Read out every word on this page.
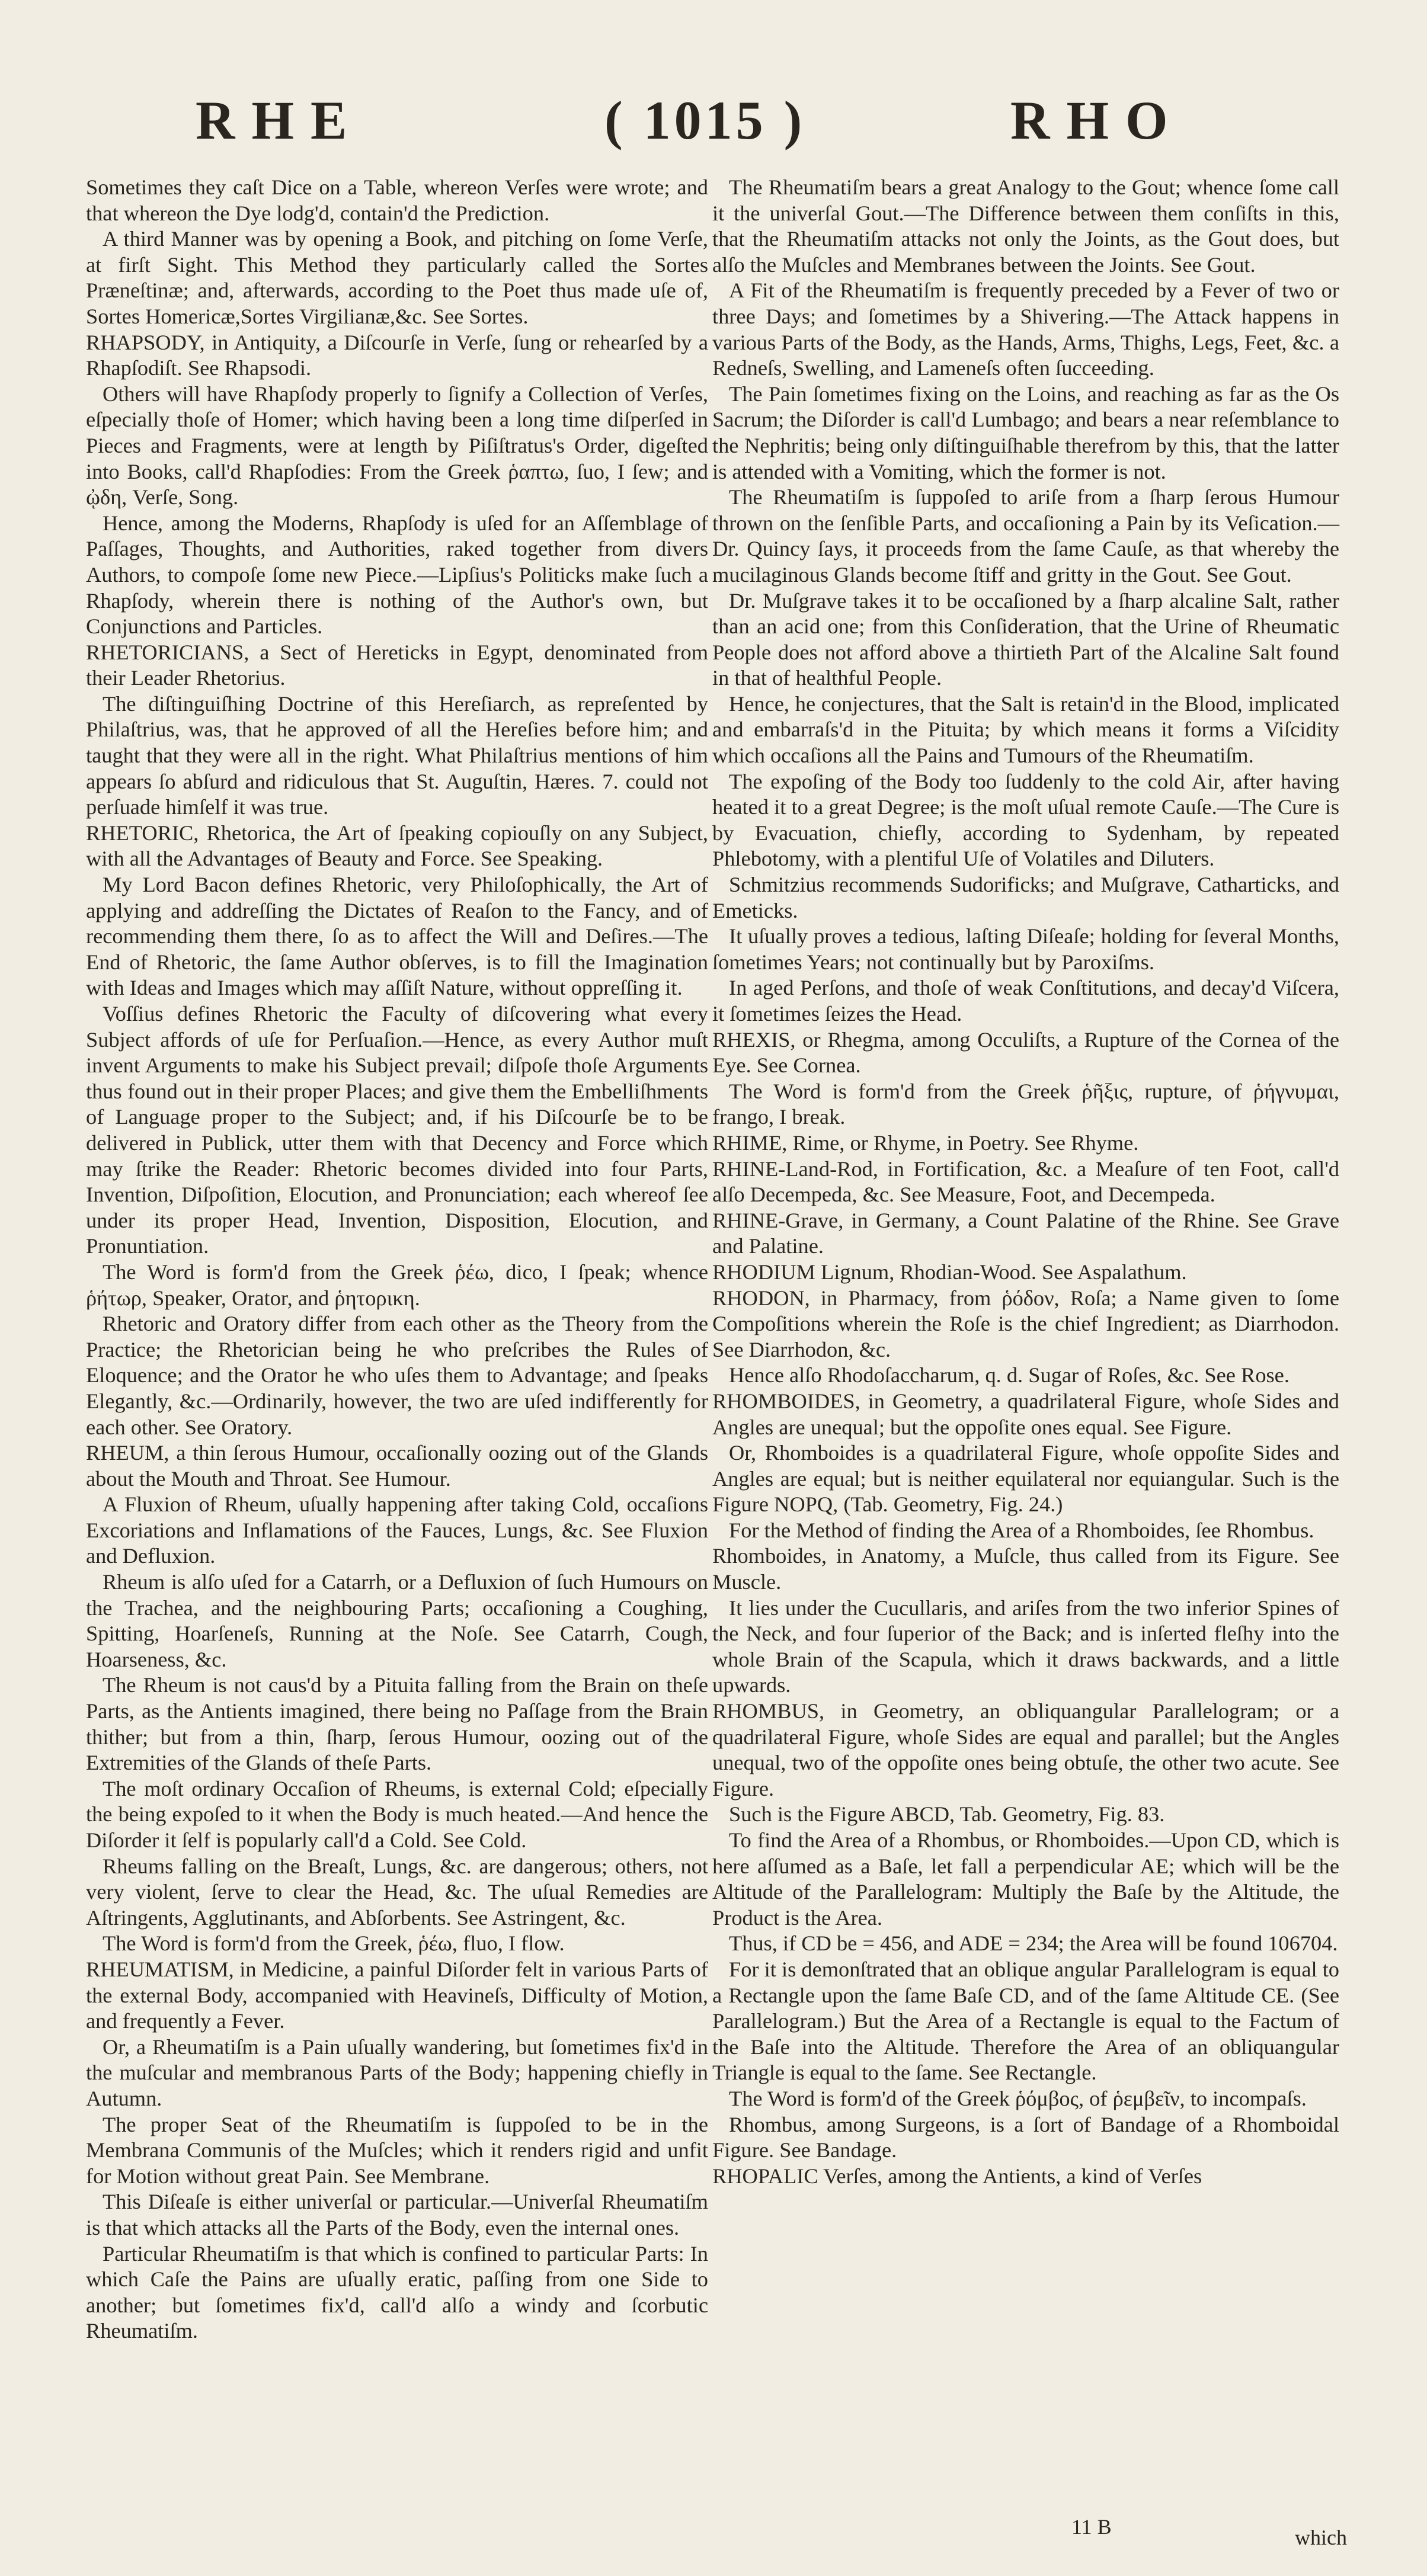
RHE	( 1015 )	RHO

Sometimes they caſt Dice on a Table, whereon Verſes were wrote; and that whereon the Dye lodg'd, contain'd the Prediction.

A third Manner was by opening a Book, and pitching on ſome Verſe, at firſt Sight. This Method they particularly called the Sortes Præneſtinæ; and, afterwards, according to the Poet thus made uſe of, Sortes Homericæ,Sortes Virgilianæ,&c. See Sortes.

RHAPSODY, in Antiquity, a Diſcourſe in Verſe, ſung or rehearſed by a Rhapſodiſt. See Rhapsodi.

Others will have Rhapſody properly to ſignify a Collection of Verſes, eſpecially thoſe of Homer; which having been a long time diſperſed in Pieces and Fragments, were at length by Piſiſtratus's Order, digeſted into Books, call'd Rhapſodies: From the Greek ῥαπτω, ſuo, I ſew; and ᾠδη, Verſe, Song.

Hence, among the Moderns, Rhapſody is uſed for an Aſſemblage of Paſſages, Thoughts, and Authorities, raked together from divers Authors, to compoſe ſome new Piece.—Lipſius's Politicks make ſuch a Rhapſody, wherein there is nothing of the Author's own, but Conjunctions and Particles.

RHETORICIANS, a Sect of Hereticks in Egypt, denominated from their Leader Rhetorius.

The diſtinguiſhing Doctrine of this Hereſiarch, as repreſented by Philaſtrius, was, that he approved of all the Hereſies before him; and taught that they were all in the right. What Philaſtrius mentions of him appears ſo abſurd and ridiculous that St. Auguſtin, Hæres. 7. could not perſuade himſelf it was true.

RHETORIC, Rhetorica, the Art of ſpeaking copiouſly on any Subject, with all the Advantages of Beauty and Force. See Speaking.

My Lord Bacon defines Rhetoric, very Philoſophically, the Art of applying and addreſſing the Dictates of Reaſon to the Fancy, and of recommending them there, ſo as to affect the Will and Deſires.—The End of Rhetoric, the ſame Author obſerves, is to fill the Imagination with Ideas and Images which may aſſiſt Nature, without oppreſſing it.

Voſſius defines Rhetoric the Faculty of diſcovering what every Subject affords of uſe for Perſuaſion.—Hence, as every Author muſt invent Arguments to make his Subject prevail; diſpoſe thoſe Arguments thus found out in their proper Places; and give them the Embelliſhments of Language proper to the Subject; and, if his Diſcourſe be to be delivered in Publick, utter them with that Decency and Force which may ſtrike the Reader: Rhetoric becomes divided into four Parts, Invention, Diſpoſition, Elocution, and Pronunciation; each whereof ſee under its proper Head, Invention, Disposition, Elocution, and Pronuntiation.

The Word is form'd from the Greek ῥέω, dico, I ſpeak; whence ῥήτωρ, Speaker, Orator, and ῥητορικη.

Rhetoric and Oratory differ from each other as the Theory from the Practice; the Rhetorician being he who preſcribes the Rules of Eloquence; and the Orator he who uſes them to Advantage; and ſpeaks Elegantly, &c.—Ordinarily, however, the two are uſed indifferently for each other. See Oratory.

RHEUM, a thin ſerous Humour, occaſionally oozing out of the Glands about the Mouth and Throat. See Humour.

A Fluxion of Rheum, uſually happening after taking Cold, occaſions Excoriations and Inflamations of the Fauces, Lungs, &c. See Fluxion and Defluxion.

Rheum is alſo uſed for a Catarrh, or a Defluxion of ſuch Humours on the Trachea, and the neighbouring Parts; occaſioning a Coughing, Spitting, Hoarſeneſs, Running at the Noſe. See Catarrh, Cough, Hoarseness, &c.

The Rheum is not caus'd by a Pituita falling from the Brain on theſe Parts, as the Antients imagined, there being no Paſſage from the Brain thither; but from a thin, ſharp, ſerous Humour, oozing out of the Extremities of the Glands of theſe Parts.

The moſt ordinary Occaſion of Rheums, is external Cold; eſpecially the being expoſed to it when the Body is much heated.—And hence the Diſorder it ſelf is popularly call'd a Cold. See Cold.

Rheums falling on the Breaſt, Lungs, &c. are dangerous; others, not very violent, ſerve to clear the Head, &c. The uſual Remedies are Aſtringents, Agglutinants, and Abſorbents. See Astringent, &c.

The Word is form'd from the Greek, ῥέω, fluo, I flow.

RHEUMATISM, in Medicine, a painful Diſorder felt in various Parts of the external Body, accompanied with Heavineſs, Difficulty of Motion, and frequently a Fever.

Or, a Rheumatiſm is a Pain uſually wandering, but ſometimes fix'd in the muſcular and membranous Parts of the Body; happening chiefly in Autumn.

The proper Seat of the Rheumatiſm is ſuppoſed to be in the Membrana Communis of the Muſcles; which it renders rigid and unfit for Motion without great Pain. See Membrane.

This Diſeaſe is either univerſal or particular.—Univerſal Rheumatiſm is that which attacks all the Parts of the Body, even the internal ones.

Particular Rheumatiſm is that which is confined to particular Parts: In which Caſe the Pains are uſually eratic, paſſing from one Side to another; but ſometimes fix'd, call'd alſo a windy and ſcorbutic Rheumatiſm.

The Rheumatiſm bears a great Analogy to the Gout; whence ſome call it the univerſal Gout.—The Difference between them conſiſts in this, that the Rheumatiſm attacks not only the Joints, as the Gout does, but alſo the Muſcles and Membranes between the Joints. See Gout.

A Fit of the Rheumatiſm is frequently preceded by a Fever of two or three Days; and ſometimes by a Shivering.—The Attack happens in various Parts of the Body, as the Hands, Arms, Thighs, Legs, Feet, &c. a Redneſs, Swelling, and Lameneſs often ſucceeding.

The Pain ſometimes fixing on the Loins, and reaching as far as the Os Sacrum; the Diſorder is call'd Lumbago; and bears a near reſemblance to the Nephritis; being only diſtinguiſhable therefrom by this, that the latter is attended with a Vomiting, which the former is not.

The Rheumatiſm is ſuppoſed to ariſe from a ſharp ſerous Humour thrown on the ſenſible Parts, and occaſioning a Pain by its Veſication.—Dr. Quincy ſays, it proceeds from the ſame Cauſe, as that whereby the mucilaginous Glands become ſtiff and gritty in the Gout. See Gout.

Dr. Muſgrave takes it to be occaſioned by a ſharp alcaline Salt, rather than an acid one; from this Conſideration, that the Urine of Rheumatic People does not afford above a thirtieth Part of the Alcaline Salt found in that of healthful People.

Hence, he conjectures, that the Salt is retain'd in the Blood, implicated and embarraſs'd in the Pituita; by which means it forms a Viſcidity which occaſions all the Pains and Tumours of the Rheumatiſm.

The expoſing of the Body too ſuddenly to the cold Air, after having heated it to a great Degree; is the moſt uſual remote Cauſe.—The Cure is by Evacuation, chiefly, according to Sydenham, by repeated Phlebotomy, with a plentiful Uſe of Volatiles and Diluters.

Schmitzius recommends Sudorificks; and Muſgrave, Catharticks, and Emeticks.

It uſually proves a tedious, laſting Diſeaſe; holding for ſeveral Months, ſometimes Years; not continually but by Paroxiſms.

In aged Perſons, and thoſe of weak Conſtitutions, and decay'd Viſcera, it ſometimes ſeizes the Head.

RHEXIS, or Rhegma, among Occuliſts, a Rupture of the Cornea of the Eye. See Cornea.

The Word is form'd from the Greek ῥῆξις, rupture, of ῥήγνυμαι, frango, I break.

RHIME, Rime, or Rhyme, in Poetry. See Rhyme.

RHINE-Land-Rod, in Fortification, &c. a Meaſure of ten Foot, call'd alſo Decempeda, &c. See Measure, Foot, and Decempeda.

RHINE-Grave, in Germany, a Count Palatine of the Rhine. See Grave and Palatine.

RHODIUM Lignum, Rhodian-Wood. See Aspalathum.

RHODON, in Pharmacy, from ῥόδον, Roſa; a Name given to ſome Compoſitions wherein the Roſe is the chief Ingredient; as Diarrhodon. See Diarrhodon, &c.

Hence alſo Rhodoſaccharum, q. d. Sugar of Roſes, &c. See Rose.

RHOMBOIDES, in Geometry, a quadrilateral Figure, whoſe Sides and Angles are unequal; but the oppoſite ones equal. See Figure.

Or, Rhomboides is a quadrilateral Figure, whoſe oppoſite Sides and Angles are equal; but is neither equilateral nor equiangular. Such is the Figure NOPQ, (Tab. Geometry, Fig. 24.)

For the Method of finding the Area of a Rhomboides, ſee Rhombus.

Rhomboides, in Anatomy, a Muſcle, thus called from its Figure. See Muscle.

It lies under the Cucullaris, and ariſes from the two inferior Spines of the Neck, and four ſuperior of the Back; and is inſerted fleſhy into the whole Brain of the Scapula, which it draws backwards, and a little upwards.

RHOMBUS, in Geometry, an obliquangular Parallelogram; or a quadrilateral Figure, whoſe Sides are equal and parallel; but the Angles unequal, two of the oppoſite ones being obtuſe, the other two acute. See Figure.

Such is the Figure ABCD, Tab. Geometry, Fig. 83.

To find the Area of a Rhombus, or Rhomboides.—Upon CD, which is here aſſumed as a Baſe, let fall a perpendicular AE; which will be the Altitude of the Parallelogram: Multiply the Baſe by the Altitude, the Product is the Area.

Thus, if CD be = 456, and ADE = 234; the Area will be found 106704.

For it is demonſtrated that an oblique angular Parallelogram is equal to a Rectangle upon the ſame Baſe CD, and of the ſame Altitude CE. (See Parallelogram.) But the Area of a Rectangle is equal to the Factum of the Baſe into the Altitude. Therefore the Area of an obliquangular Triangle is equal to the ſame. See Rectangle.

The Word is form'd of the Greek ῥόμβος, of ῥεμβεῖν, to incompaſs.

Rhombus, among Surgeons, is a ſort of Bandage of a Rhomboidal Figure. See Bandage.

RHOPALIC Verſes, among the Antients, a kind of Verſes

11 B	which
